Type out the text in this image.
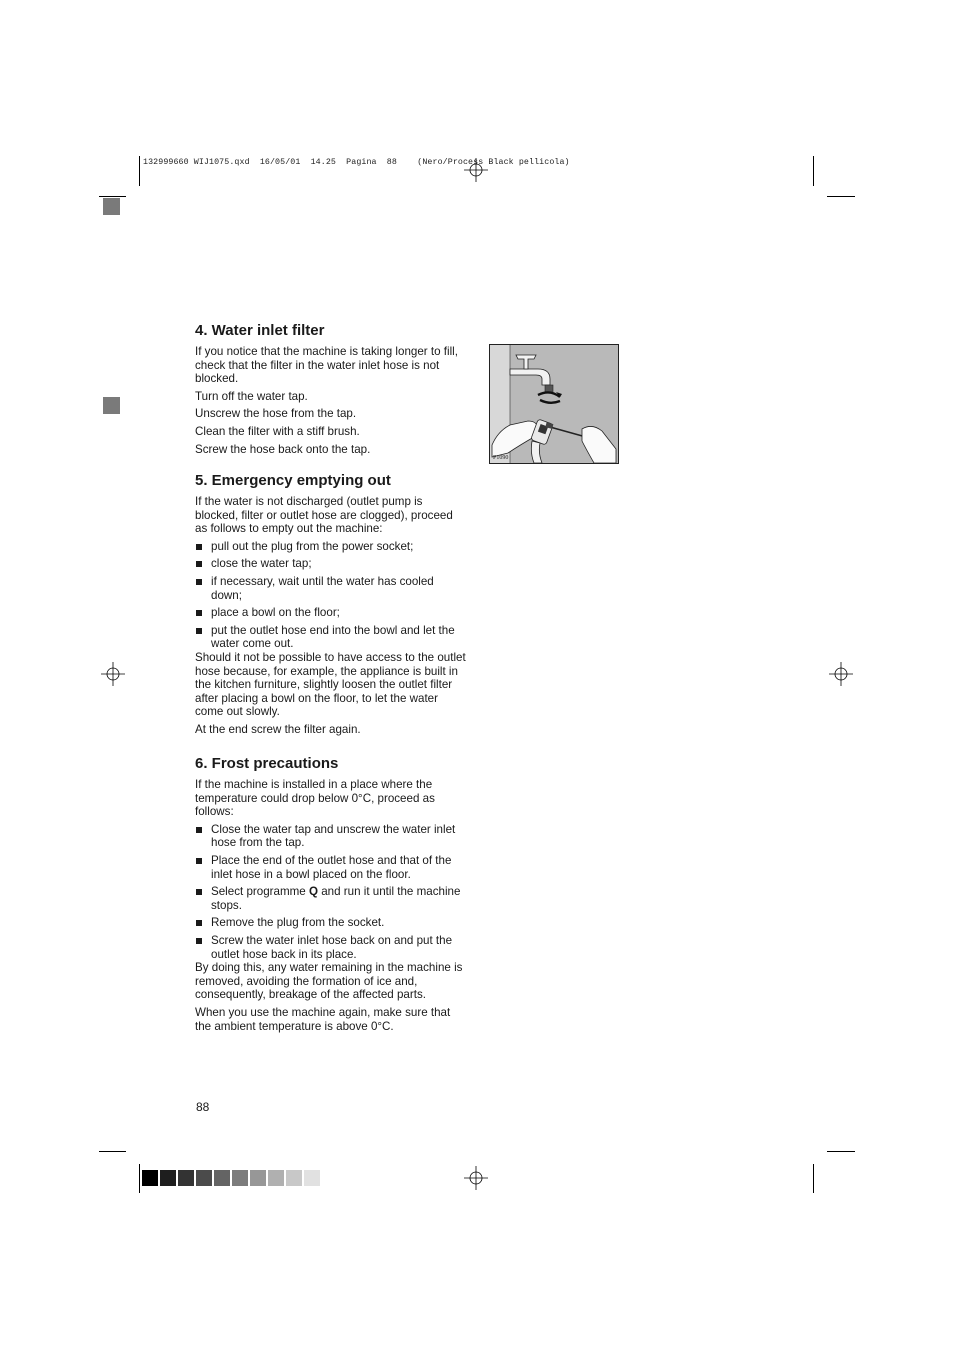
132999660 WIJ1075.qxd  16/05/01  14.25  Pagina  88    (Nero/Process Black pellicola)
4. Water inlet filter

If you notice that the machine is taking longer to fill, check that the filter in the water inlet hose is not blocked.

Turn off the water tap.

Unscrew the hose from the tap.

Clean the filter with a stiff brush.

Screw the hose back onto the tap.

5. Emergency emptying out

If the water is not discharged (outlet pump is blocked, filter or outlet hose are clogged), proceed as follows to empty out the machine:

pull out the plug from the power socket;
close the water tap;
if necessary, wait until the water has cooled down;
place a bowl on the floor;
put the outlet hose end into the bowl and let the water come out.

Should it not be possible to have access to the outlet hose because, for example, the appliance is built in the kitchen furniture, slightly loosen the outlet filter after placing a bowl on the floor, to let the water come out slowly.

At the end screw the filter again.

6. Frost precautions

If the machine is installed in a place where the temperature could drop below 0°C, proceed as follows:

Close the water tap and unscrew the water inlet hose from the tap.
Place the end of the outlet hose and that of the inlet hose in a bowl placed on the floor.
Select programme Q and run it until the machine stops.
Remove the plug from the socket.
Screw the water inlet hose back on and put the outlet hose back in its place.

By doing this, any water remaining in the machine is removed, avoiding the formation of ice and, consequently, breakage of the affected parts.

When you use the machine again, make sure that the ambient temperature is above 0°C.

P1090
88
